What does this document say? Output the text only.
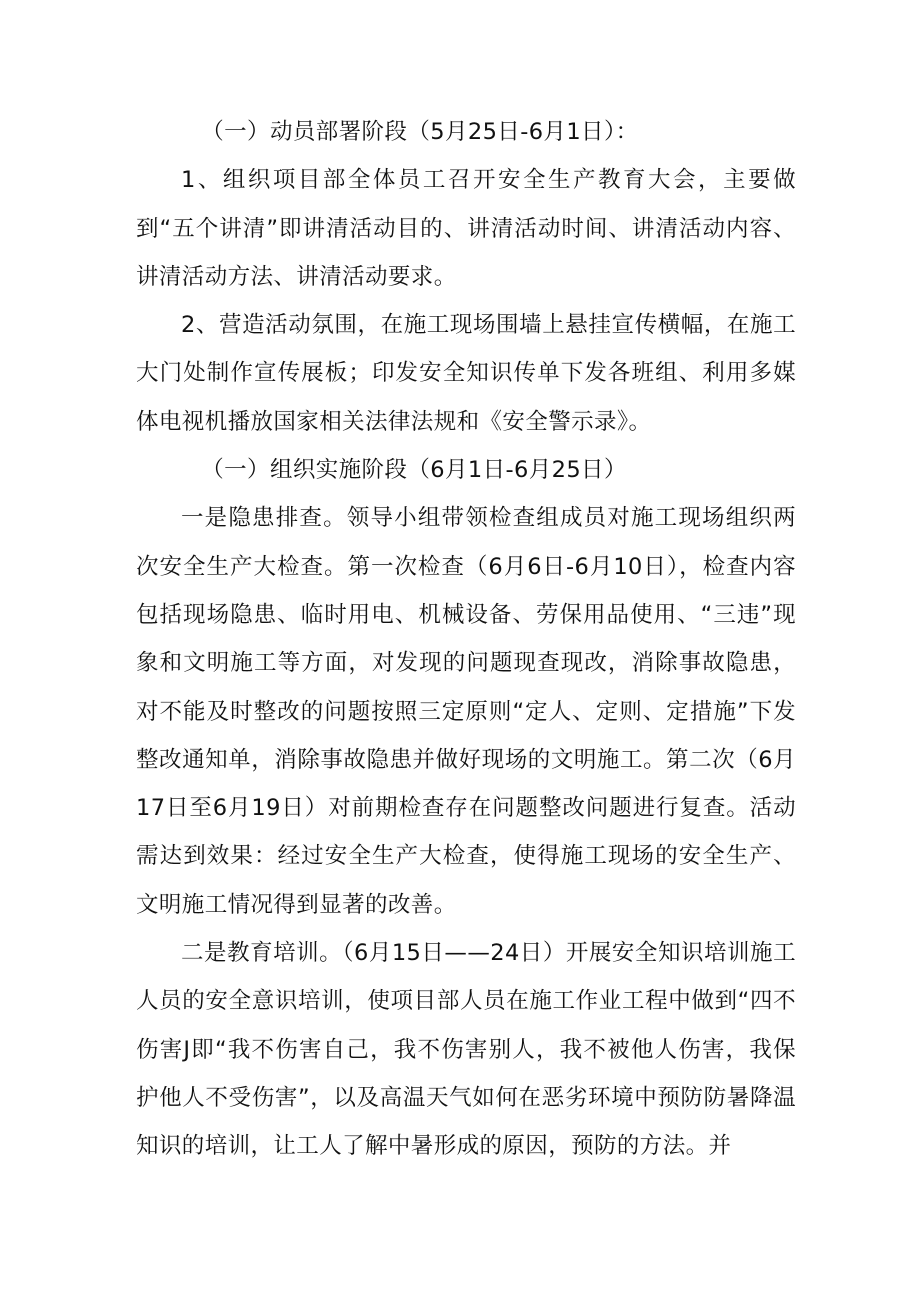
（一）动员部署阶段（5月25日-6月1日）：

1、组织项目部全体员工召开安全生产教育大会，主要做到“五个讲清”即讲清活动目的、讲清活动时间、讲清活动内容、讲清活动方法、讲清活动要求。

2、营造活动氛围，在施工现场围墙上悬挂宣传横幅，在施工大门处制作宣传展板；印发安全知识传单下发各班组、利用多媒体电视机播放国家相关法律法规和《安全警示录》。

（一）组织实施阶段（6月1日-6月25日）

一是隐患排查。领导小组带领检查组成员对施工现场组织两次安全生产大检查。第一次检查（6月6日-6月10日），检查内容包括现场隐患、临时用电、机械设备、劳保用品使用、“三违”现象和文明施工等方面，对发现的问题现查现改，消除事故隐患，对不能及时整改的问题按照三定原则“定人、定则、定措施”下发整改通知单，消除事故隐患并做好现场的文明施工。第二次（6月17日至6月19日）对前期检查存在问题整改问题进行复查。活动需达到效果：经过安全生产大检查，使得施工现场的安全生产、文明施工情况得到显著的改善。

二是教育培训。（6月15日——24日）开展安全知识培训施工人员的安全意识培训，使项目部人员在施工作业工程中做到“四不伤害J即“我不伤害自己，我不伤害别人，我不被他人伤害，我保护他人不受伤害”，以及高温天气如何在恶劣环境中预防防暑降温知识的培训，让工人了解中暑形成的原因，预防的方法。并
